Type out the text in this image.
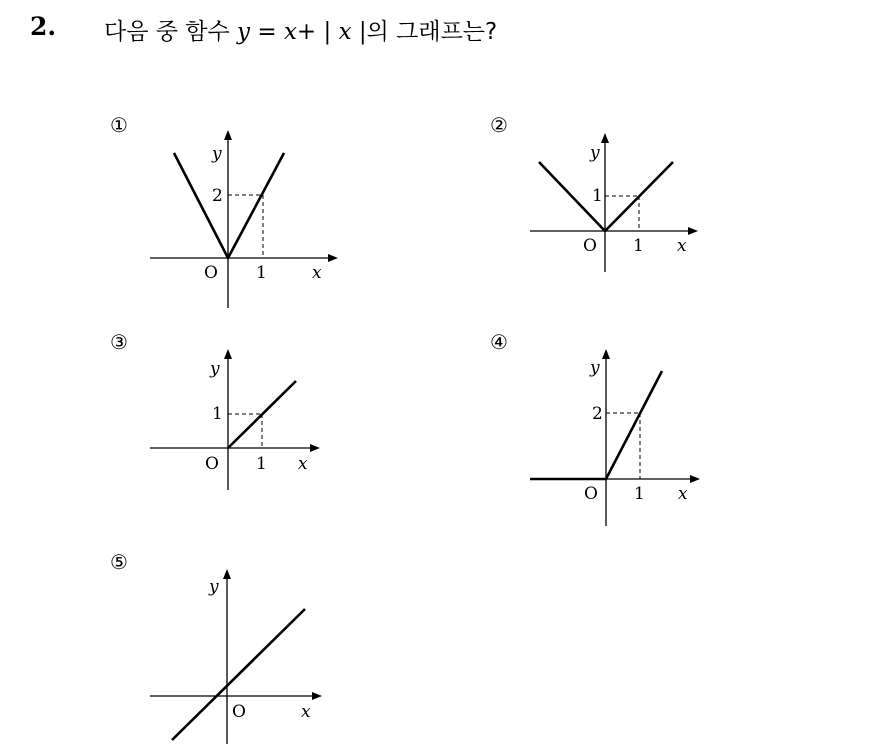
2. 다음 중 함수 y = x+ | x |의 그래프는?
①
y
2
O 1	x
②
y
1
O 1 x
③
y
1
O 1 x
④
y
2
O 1 x
⑤
y
O	x
